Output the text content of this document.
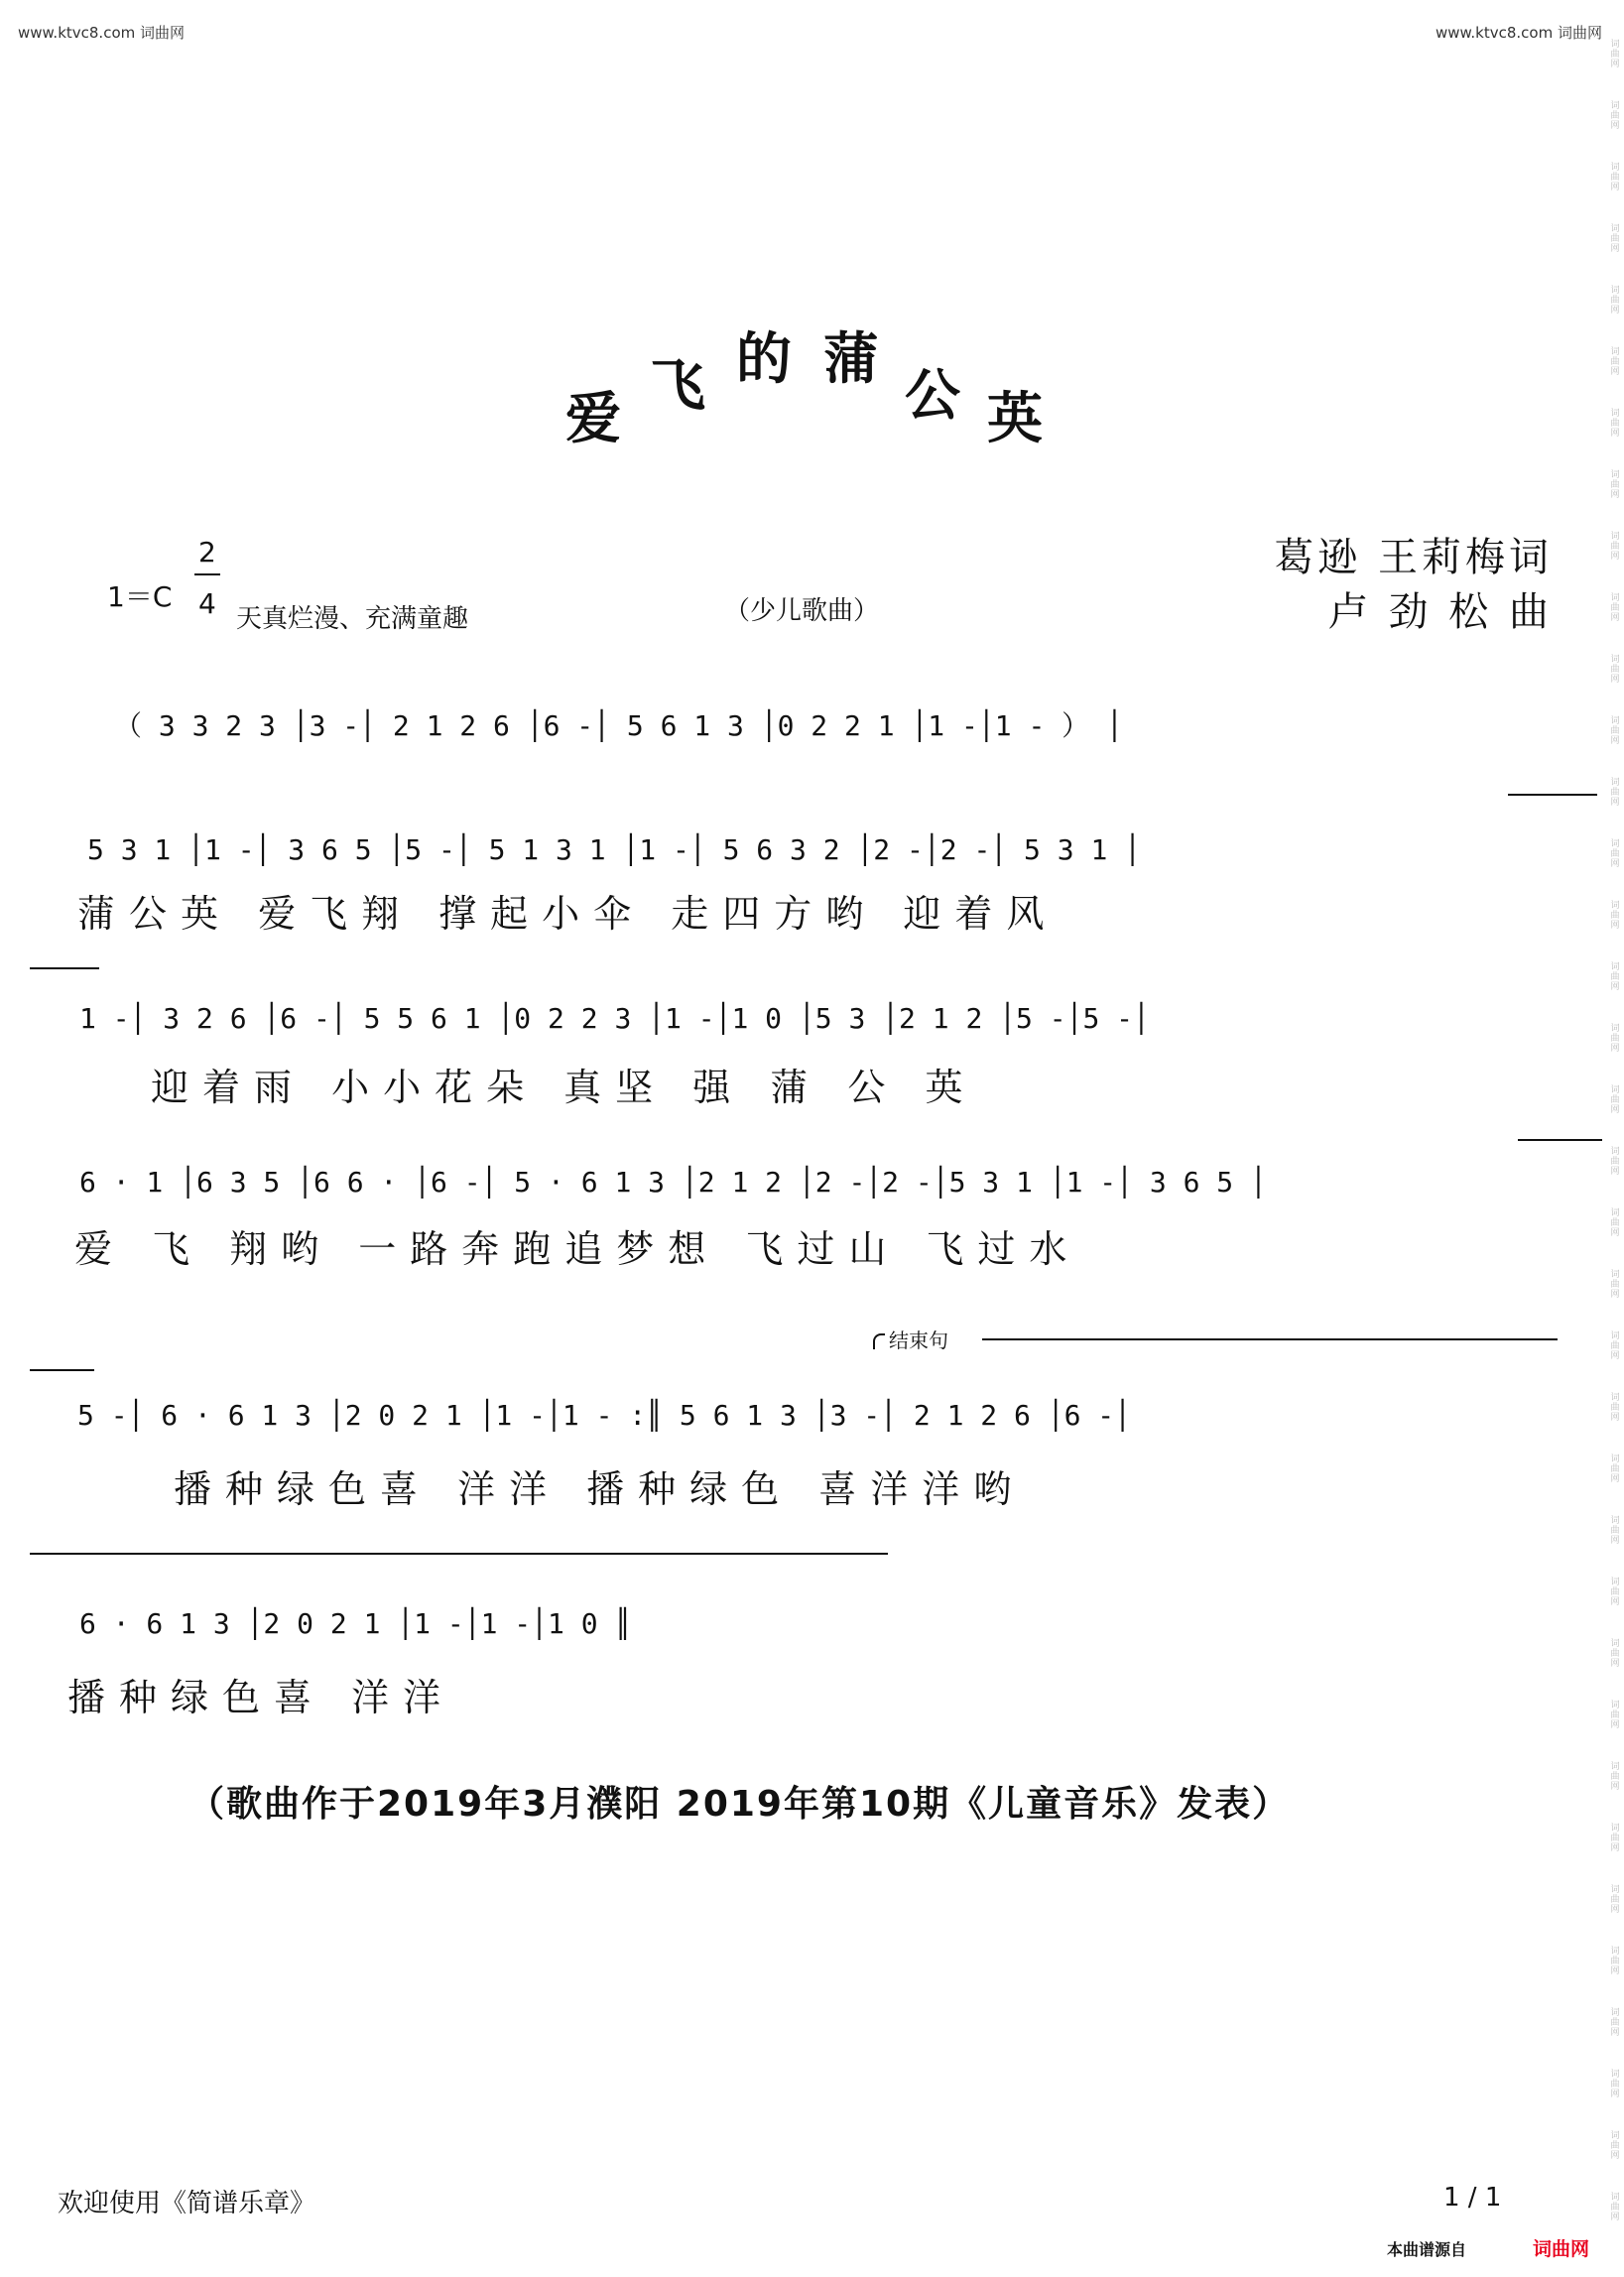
www.ktvc8.com 词曲网	www.ktvc8.com 词曲网
词
曲
网
词
曲
网
词
曲
网
词
曲
网
词
曲
网
词
曲
网
词
曲
网
词
曲
网
词
曲
网
词
曲
网
词
曲
网
词
曲
网
词
曲
网
词
曲
网
词
曲
网
词
曲
网
词
曲
网
词
曲
网
词
曲
网
词
曲
网
词
曲
网
词
曲
网
词
曲
网
词
曲
网
词
曲
网
词
曲
网
词
曲
网
词
曲
网
词
曲
网
词
曲
网
词
曲
网
词
曲
网
词
曲
网
词
曲
网
词
曲
网
词
曲
网
爱
飞 的 蒲
公 英
1＝C
2
4 天真烂漫、充满童趣	（少儿歌曲）
葛逊 王莉梅词
卢 劲 松 曲
（ 3 3 2 3 │3 -│ 2 1 2 6 │6 -│ 5 6 1 3 │0 2 2 1 │1 -│1 - ） │
5 3 1 │1 -│ 3 6 5 │5 -│ 5 1 3 1 │1 -│ 5 6 3 2 │2 -│2 -│ 5 3 1 │
蒲公英 爱飞翔 撑起小伞 走四方哟 迎着风
1 -│ 3 2 6 │6 -│ 5 5 6 1 │0 2 2 3 │1 -│1 0 │5 3 │2 1 2 │5 -│5 -│
迎着雨 小小花朵 真坚 强 蒲 公 英
6 · 1 │6 3 5 │6 6 · │6 -│ 5 · 6 1 3 │2 1 2 │2 -│2 -│5 3 1 │1 -│ 3 6 5 │
爱 飞 翔哟 一路奔跑追梦想 飞过山 飞过水
结束句
5 -│ 6 · 6 1 3 │2 0 2 1 │1 -│1 - :║ 5 6 1 3 │3 -│ 2 1 2 6 │6 -│
播种绿色喜 洋洋 播种绿色 喜洋洋哟
6 · 6 1 3 │2 0 2 1 │1 -│1 -│1 0 ║
播种绿色喜 洋洋
（歌曲作于2019年3月濮阳 2019年第10期《儿童音乐》发表）
欢迎使用《简谱乐章》	1 / 1
本曲谱源自	词曲网
